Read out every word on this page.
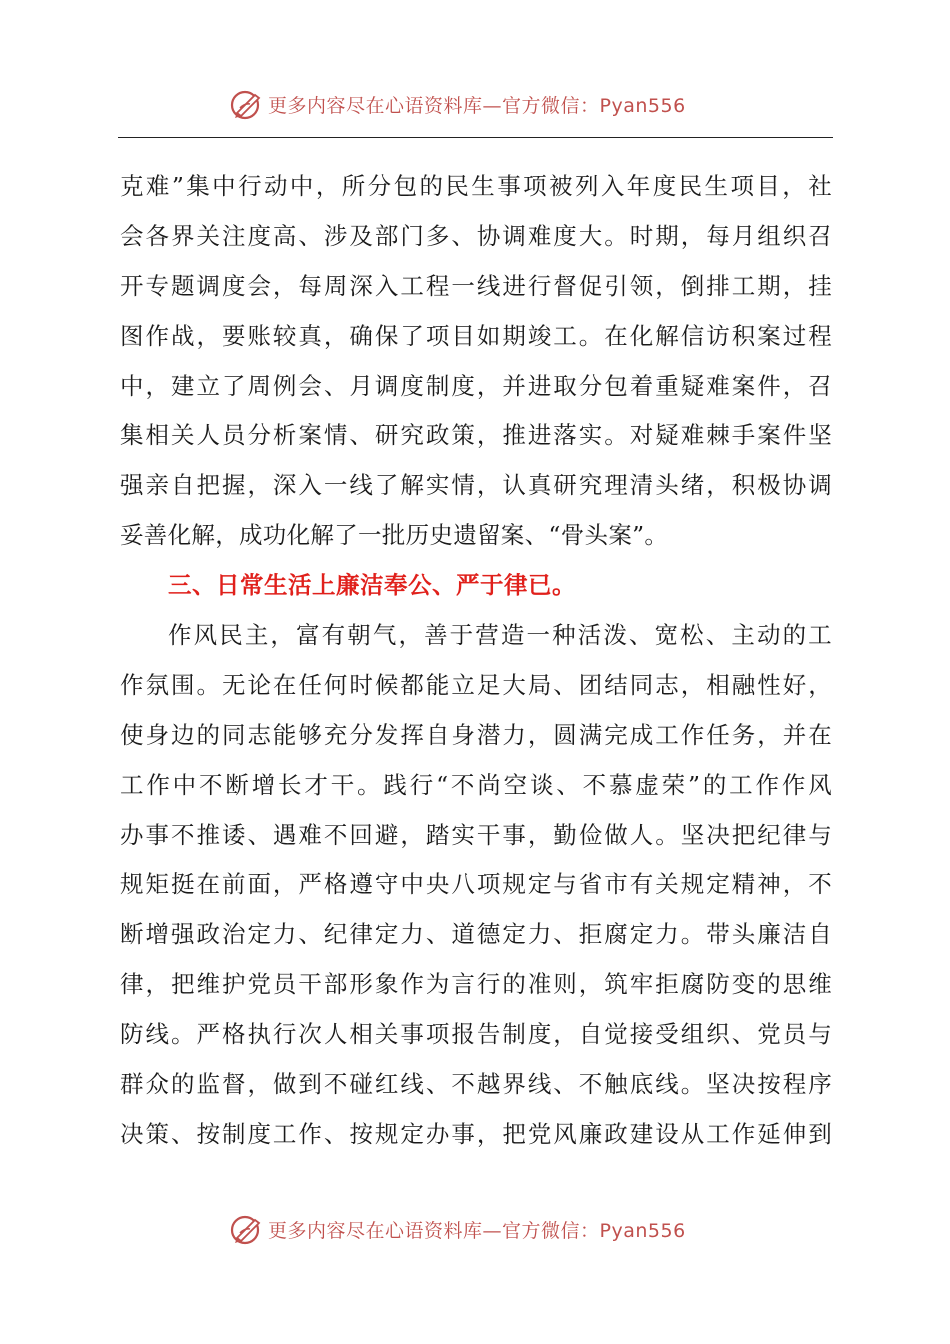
更多内容尽在心语资料库—官方微信：Pyan556
克难”集中行动中，所分包的民生事项被列入年度民生项目，社
会各界关注度高、涉及部门多、协调难度大。时期，每月组织召
开专题调度会，每周深入工程一线进行督促引领，倒排工期，挂
图作战，要账较真，确保了项目如期竣工。在化解信访积案过程
中，建立了周例会、月调度制度，并进取分包着重疑难案件，召
集相关人员分析案情、研究政策，推进落实。对疑难棘手案件坚
强亲自把握，深入一线了解实情，认真研究理清头绪，积极协调
妥善化解，成功化解了一批历史遗留案、“骨头案”。
三、日常生活上廉洁奉公、严于律已。
作风民主，富有朝气，善于营造一种活泼、宽松、主动的工
作氛围。无论在任何时候都能立足大局、团结同志，相融性好，
使身边的同志能够充分发挥自身潜力，圆满完成工作任务，并在
工作中不断增长才干。践行“不尚空谈、不慕虚荣”的工作作风
办事不推诿、遇难不回避，踏实干事，勤俭做人。坚决把纪律与
规矩挺在前面，严格遵守中央八项规定与省市有关规定精神，不
断增强政治定力、纪律定力、道德定力、拒腐定力。带头廉洁自
律，把维护党员干部形象作为言行的准则，筑牢拒腐防变的思维
防线。严格执行次人相关事项报告制度，自觉接受组织、党员与
群众的监督，做到不碰红线、不越界线、不触底线。坚决按程序
决策、按制度工作、按规定办事，把党风廉政建设从工作延伸到
更多内容尽在心语资料库—官方微信：Pyan556
